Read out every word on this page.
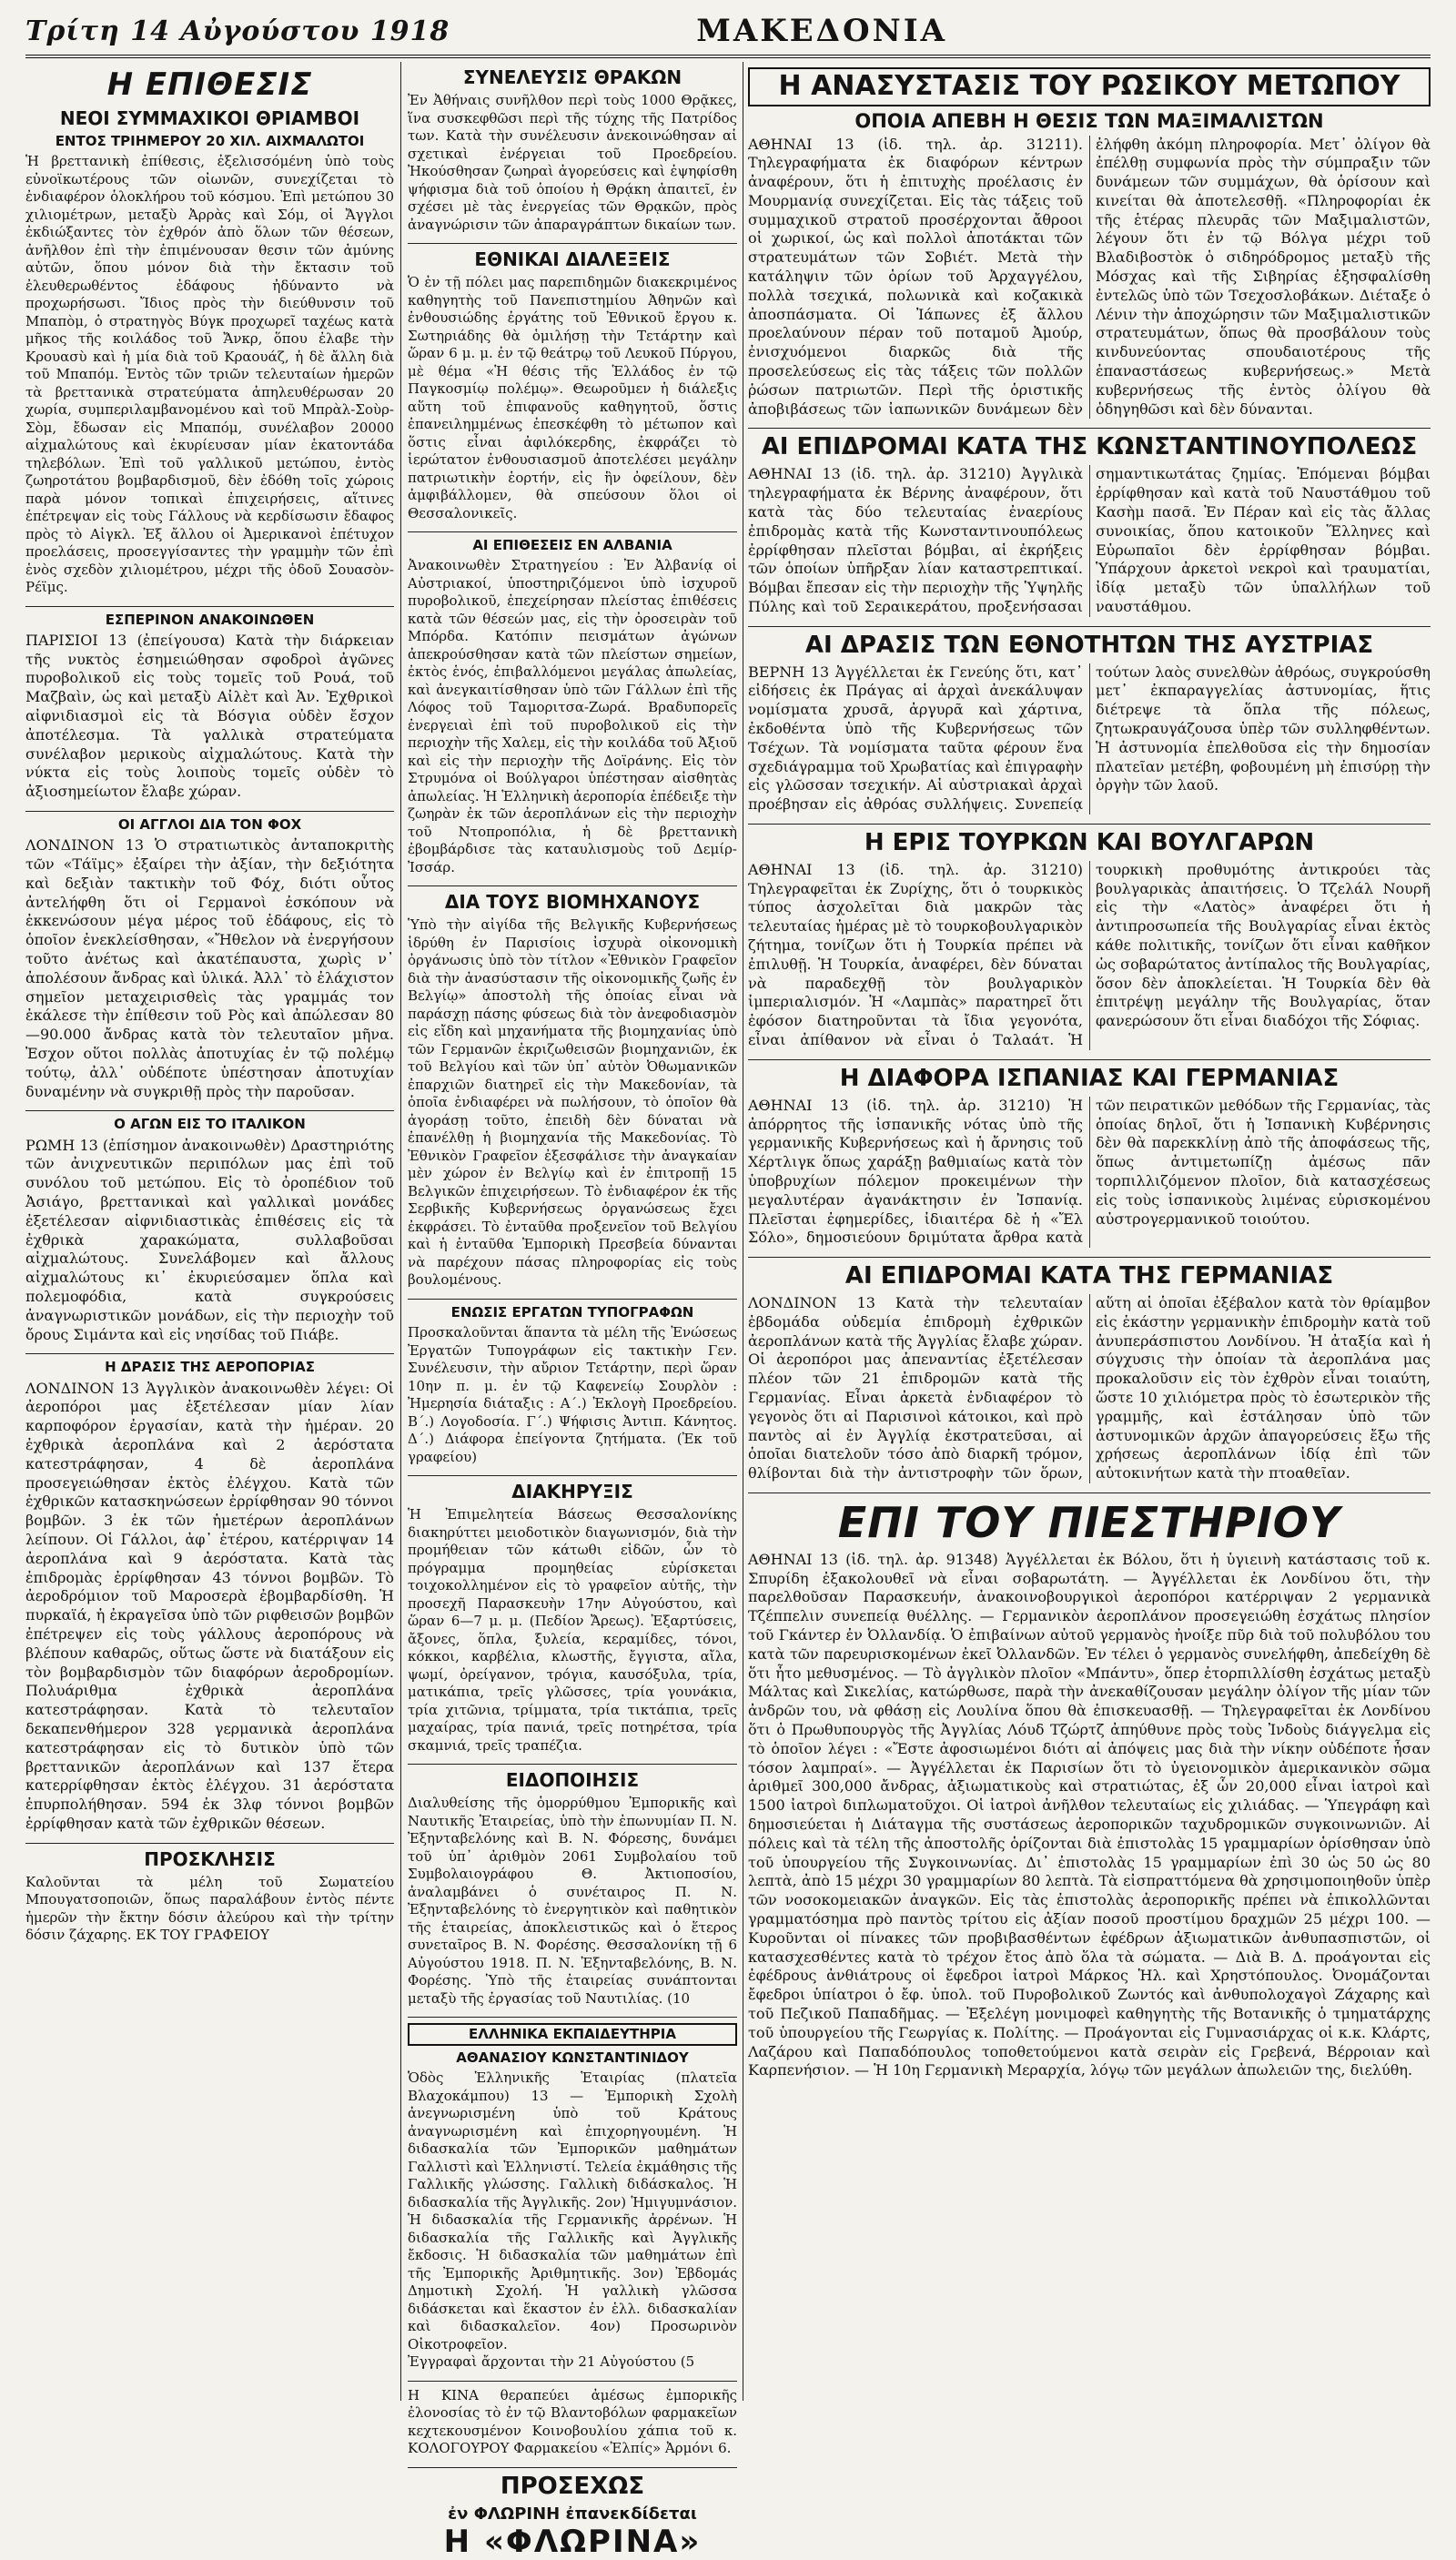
Τρίτη 14 Αὐγούστου 1918	ΜΑΚΕΔΟΝΙΑ
Η ΕΠΙΘΕΣΙΣ
ΝΕΟΙ ΣΥΜΜΑΧΙΚΟΙ ΘΡΙΑΜΒΟΙ
ΕΝΤΟΣ ΤΡΙΗΜΕΡΟΥ 20 ΧΙΛ. ΑΙΧΜΑΛΩΤΟΙ

Ἡ βρεττανικὴ ἐπίθεσις, ἐξελισσόμένη ὑπὸ τοὺς εὐνοϊκωτέρους τῶν οἰωνῶν, συνεχίζεται τὸ ἐνδιαφέρον ὁλοκλήρου τοῦ κόσμου. Ἐπὶ μετώπου 30 χιλιομέτρων, μεταξὺ Ἀρρὰς καὶ Σόμ, οἱ Ἄγγλοι ἐκδιώξαντες τὸν ἐχθρόν ἀπὸ ὅλων τῶν θέσεων, ἀνῆλθον ἐπὶ τὴν ἐπιμένουσαν θεσιν τῶν ἀμύνης αὐτῶν, ὅπου μόνον διὰ τὴν ἔκτασιν τοῦ ἐλευθερωθέντος ἐδάφους ἠδύναντο νὰ προχωρήσωσι. Ἴδιος πρὸς τὴν διεύθυνσιν τοῦ Μπαπὸμ, ὁ στρατηγὸς Βύγκ προχωρεῖ ταχέως κατὰ μῆκος τῆς κοιλάδος τοῦ Ἄνκρ, ὅπου ἐλαβε τὴν Κρουασὺ καὶ ἡ μία διὰ τοῦ Κραουάζ, ἡ δὲ ἄλλη διὰ τοῦ Μπαπόμ. Ἐντὸς τῶν τριῶν τελευταίων ἡμερῶν τὰ βρεττανικὰ στρατεύματα ἀπηλευθέρωσαν 20 χωρία, συμπεριλαμβανομένου καὶ τοῦ Μπρὰλ-Σοὺρ-Σὸμ, ἔδωσαν εἰς Μπαπόμ, συνέλαβον 20000 αἰχμαλώτους καὶ ἐκυρίευσαν μίαν ἑκατοντάδα τηλεβόλων. Ἐπὶ τοῦ γαλλικοῦ μετώπου, ἐντὸς ζωηροτάτου βομβαρδισμοῦ, δὲν ἐδόθη τοῖς χώροις παρὰ μόνον τοπικαὶ ἐπιχειρήσεις, αἵτινες ἐπέτρεψαν εἰς τοὺς Γάλλους νὰ κερδίσωσιν ἔδαφος πρὸς τὸ Αἰγκλ. Ἐξ ἄλλου οἱ Ἀμερικανοὶ ἐπέτυχον προελάσεις, προσεγγίσαντες τὴν γραμμὴν τῶν ἐπὶ ἑνὸς σχεδὸν χιλιομέτρου, μέχρι τῆς ὁδοῦ Σουασὸν-Ρέϊμς.

ΕΣΠΕΡΙΝΟΝ ΑΝΑΚΟΙΝΩΘΕΝ

ΠΑΡΙΣΙΟΙ 13 (ἐπείγουσα) Κατὰ τὴν διάρκειαν τῆς νυκτὸς ἐσημειώθησαν σφοδροὶ ἀγῶνες πυροβολικοῦ εἰς τοὺς τομεῖς τοῦ Ρουά, τοῦ Μαζβαὶν, ὡς καὶ μεταξὺ Αἰλὲτ καὶ Ἀν. Ἐχθρικοὶ αἰφνιδιασμοὶ εἰς τὰ Βόσγια οὐδὲν ἔσχον ἀποτέλεσμα. Τὰ γαλλικὰ στρατεύματα συνέλαβον μερικοὺς αἰχμαλώτους. Κατὰ τὴν νύκτα εἰς τοὺς λοιποὺς τομεῖς οὐδὲν τὸ ἀξιοσημείωτον ἔλαβε χώραν.

ΟΙ ΑΓΓΛΟΙ ΔΙΑ ΤΟΝ ΦΟΧ

ΛΟΝΔΙΝΟΝ 13 Ὁ στρατιωτικὸς ἀνταποκριτὴς τῶν «Τάϊμς» ἐξαίρει τὴν ἀξίαν, τὴν δεξιότητα καὶ δεξιὰν τακτικὴν τοῦ Φόχ, διότι οὗτος ἀντελήφθη ὅτι οἱ Γερμανοὶ ἐσκόπουν νὰ ἐκκενώσουν μέγα μέρος τοῦ ἐδάφους, εἰς τὸ ὁποῖον ἐνεκλείσθησαν, «Ἤθελον νὰ ἐνεργήσουν τοῦτο ἀνέτως καὶ ἀκατέπαυστα, χωρὶς ν᾽ ἀπολέσουν ἄνδρας καὶ ὑλικά. Ἀλλ᾽ τὸ ἐλάχιστον σημεῖον μεταχειρισθεὶς τὰς γραμμάς τον ἐκάλεσε τὴν ἐπίθεσιν τοῦ Ρὸς καὶ ἀπώλεσαν 80—90.000 ἄνδρας κατὰ τὸν τελευταῖον μῆνα. Ἐσχον οὕτοι πολλὰς ἀποτυχίας ἐν τῷ πολέμῳ τούτῳ, ἀλλ᾽ οὐδέποτε ὑπέστησαν ἀποτυχίαν δυναμένην νὰ συγκριθῇ πρὸς τὴν παροῦσαν.

Ο ΑΓΩΝ ΕΙΣ ΤΟ ΙΤΑΛΙΚΟΝ

ΡΩΜΗ 13 (ἐπίσημον ἀνακοινωθὲν) Δραστηριότης τῶν ἀνιχνευτικῶν περιπόλων μας ἐπὶ τοῦ συνόλου τοῦ μετώπου. Εἰς τὸ ὀροπέδιον τοῦ Ἀσιάγο, βρεττανικαὶ καὶ γαλλικαὶ μονάδες ἐξετέλεσαν αἰφνιδιαστικὰς ἐπιθέσεις εἰς τὰ ἐχθρικὰ χαρακώματα, συλλαβοῦσαι αἰχμαλώτους. Συνελάβομεν καὶ ἄλλους αἰχμαλώτους κι᾽ ἐκυριεύσαμεν ὅπλα καὶ πολεμοφόδια, κατὰ συγκρούσεις ἀναγνωριστικῶν μονάδων, εἰς τὴν περιοχὴν τοῦ ὄρους Σιμάντα καὶ εἰς νησίδας τοῦ Πιάβε.

Η ΔΡΑΣΙΣ ΤΗΣ ΑΕΡΟΠΟΡΙΑΣ

ΛΟΝΔΙΝΟΝ 13 Ἀγγλικὸν ἀνακοινωθὲν λέγει: Οἱ ἀεροπόροι μας ἐξετέλεσαν μίαν λίαν καρποφόρον ἐργασίαν, κατὰ τὴν ἡμέραν. 20 ἐχθρικὰ ἀεροπλάνα καὶ 2 ἀερόστατα κατεστράφησαν, 4 δὲ ἀεροπλάνα προσεγειώθησαν ἐκτὸς ἐλέγχου. Κατὰ τῶν ἐχθρικῶν κατασκηνώσεων ἐρρίφθησαν 90 τόννοι βομβῶν. 3 ἐκ τῶν ἡμετέρων ἀεροπλάνων λείπουν. Οἱ Γάλλοι, ἀφ᾽ ἑτέρου, κατέρριψαν 14 ἀεροπλάνα καὶ 9 ἀερόστατα. Κατὰ τὰς ἐπιδρομὰς ἐρρίφθησαν 43 τόννοι βομβῶν. Τὸ ἀεροδρόμιον τοῦ Μαροσερὰ ἐβομβαρδίσθη. Ἡ πυρκαϊά, ἡ ἐκραγεῖσα ὑπὸ τῶν ριφθεισῶν βομβῶν ἐπέτρεψεν εἰς τοὺς γάλλους ἀεροπόρους νὰ βλέπουν καθαρῶς, οὕτως ὥστε νὰ διατάξουν εἰς τὸν βομβαρδισμὸν τῶν διαφόρων ἀεροδρομίων. Πολυάριθμα ἐχθρικὰ ἀεροπλάνα κατεστράφησαν. Κατὰ τὸ τελευταῖον δεκαπενθήμερον 328 γερμανικὰ ἀεροπλάνα κατεστράφησαν εἰς τὸ δυτικὸν ὑπὸ τῶν βρεττανικῶν ἀεροπλάνων καὶ 137 ἕτερα κατερρίφθησαν ἐκτὸς ἐλέγχου. 31 ἀερόστατα ἐπυρπολήθησαν. 594 ἐκ 3λφ τόννοι βομβῶν ἐρρίφθησαν κατὰ τῶν ἐχθρικῶν θέσεων.

ΠΡΟΣΚΛΗΣΙΣ

Καλοῦνται τὰ μέλη τοῦ Σωματείου Μπουγατσοποιῶν, ὅπως παραλάβουν ἐντὸς πέντε ἡμερῶν τὴν ἔκτην δόσιν ἀλεύρου καὶ τὴν τρίτην δόσιν ζάχαρης. ΕΚ ΤΟΥ ΓΡΑΦΕΙΟΥ

ΣΥΝΕΛΕΥΣΙΣ ΘΡΑΚΩΝ

Ἐν Ἀθήναις συνῆλθον περὶ τοὺς 1000 Θρᾷκες, ἵνα συσκεφθῶσι περὶ τῆς τύχης τῆς Πατρίδος των. Κατὰ τὴν συνέλευσιν ἀνεκοινώθησαν αἱ σχετικαὶ ἐνέργειαι τοῦ Προεδρείου. Ἠκούσθησαν ζωηραὶ ἀγορεύσεις καὶ ἐψηφίσθη ψήφισμα διὰ τοῦ ὁποίου ἡ Θρᾴκη ἀπαιτεῖ, ἐν σχέσει μὲ τὰς ἐνεργείας τῶν Θρᾳκῶν, πρὸς ἀναγνώρισιν τῶν ἀπαραγράπτων δικαίων των.

ΕΘΝΙΚΑΙ ΔΙΑΛΕΞΕΙΣ

Ὁ ἐν τῇ πόλει μας παρεπιδημῶν διακεκριμένος καθηγητὴς τοῦ Πανεπιστημίου Ἀθηνῶν καὶ ἐνθουσιώδης ἐργάτης τοῦ Ἐθνικοῦ ἔργου κ. Σωτηριάδης θὰ ὁμιλήσῃ τὴν Τετάρτην καὶ ὥραν 6 μ. μ. ἐν τῷ θεάτρῳ τοῦ Λευκοῦ Πύργου, μὲ θέμα «Ἡ θέσις τῆς Ἑλλάδος ἐν τῷ Παγκοσμίῳ πολέμῳ». Θεωροῦμεν ἡ διάλεξις αὕτη τοῦ ἐπιφανοῦς καθηγητοῦ, ὅστις ἐπανειλημμένως ἐπεσκέφθη τὸ μέτωπον καὶ ὅστις εἶναι ἀφιλόκερδης, ἐκφράζει τὸ ἱερώτατον ἐνθουσιασμοῦ ἀποτελέσει μεγάλην πατριωτικὴν ἑορτήν, εἰς ἣν ὀφείλουν, δὲν ἀμφιβάλλομεν, θὰ σπεύσουν ὅλοι οἱ Θεσσαλονικεῖς.

ΑΙ ΕΠΙΘΕΣΕΙΣ ΕΝ ΑΛΒΑΝΙΑ

Ἀνακοινωθὲν Στρατηγείου : Ἐν Ἀλβανίᾳ οἱ Αὐστριακοί, ὑποστηριζόμενοι ὑπὸ ἰσχυροῦ πυροβολικοῦ, ἐπεχείρησαν πλείστας ἐπιθέσεις κατὰ τῶν θέσεών μας, εἰς τὴν ὀροσειρὰν τοῦ Μπόρδα. Κατόπιν πεισμάτων ἀγώνων ἀπεκρούσθησαν κατὰ τῶν πλείστων σημείων, ἐκτὸς ἑνός, ἐπιβαλλόμενοι μεγάλας ἀπωλείας, καὶ ἀνεγκαιτίσθησαν ὑπὸ τῶν Γάλλων ἐπὶ τῆς Λόφος τοῦ Ταμοριτσα-Ζωρά. Βραδυπορεῖς ἐνεργειαὶ ἐπὶ τοῦ πυροβολικοῦ εἰς τὴν περιοχὴν τῆς Χαλεμ, εἰς τὴν κοιλάδα τοῦ Ἀξιοῦ καὶ εἰς τὴν περιοχὴν τῆς Δοϊράνης. Εἰς τὸν Στρυμόνα οἱ Βούλγαροι ὑπέστησαν αἰσθητὰς ἀπωλείας. Ἡ Ἑλληνικὴ ἀεροπορία ἐπέδειξε τὴν ζωηρὰν ἐκ τῶν ἀεροπλάνων εἰς τὴν περιοχὴν τοῦ Ντοπροπόλια, ἡ δὲ βρεττανικὴ ἐβομβάρδισε τὰς καταυλισμοὺς τοῦ Δεμίρ-Ἰσσάρ.

ΔΙΑ ΤΟΥΣ ΒΙΟΜΗΧΑΝΟΥΣ

Ὑπὸ τὴν αἰγίδα τῆς Βελγικῆς Κυβερνήσεως ἱδρύθη ἐν Παρισίοις ἰσχυρὰ οἰκονομικὴ ὀργάνωσις ὑπὸ τὸν τίτλον «Ἐθνικὸν Γραφεῖον διὰ τὴν ἀνασύστασιν τῆς οἰκονομικῆς ζωῆς ἐν Βελγίῳ» ἀποστολὴ τῆς ὁποίας εἶναι νὰ παράσχῃ πάσης φύσεως διὰ τὸν ἀνεφοδιασμὸν εἰς εἴδη καὶ μηχανήματα τῆς βιομηχανίας ὑπὸ τῶν Γερμανῶν ἐκριζωθεισῶν βιομηχανιῶν, ἐκ τοῦ Βελγίου καὶ τῶν ὑπ᾽ αὐτὸν Ὀθωμανικῶν ἐπαρχιῶν διατηρεῖ εἰς τὴν Μακεδονίαν, τὰ ὁποῖα ἐνδιαφέρει νὰ πωλήσουν, τὸ ὁποῖον θὰ ἀγοράσῃ τοῦτο, ἐπειδὴ δὲν δύναται νὰ ἐπανέλθῃ ἡ βιομηχανία τῆς Μακεδονίας. Τὸ Ἐθνικὸν Γραφεῖον ἐξεσφάλισε τὴν ἀναγκαίαν μὲν χώρον ἐν Βελγίῳ καὶ ἐν ἐπιτροπῇ 15 Βελγικῶν ἐπιχειρήσεων. Τὸ ἐνδιαφέρον ἐκ τῆς Σερβικῆς Κυβερνήσεως ὀργανώσεως ἔχει ἐκφράσει. Τὸ ἐνταῦθα προξενεῖον τοῦ Βελγίου καὶ ἡ ἐνταῦθα Ἐμπορικὴ Πρεσβεία δύνανται νὰ παρέχουν πάσας πληροφορίας εἰς τοὺς βουλομένους.

ΕΝΩΣΙΣ ΕΡΓΑΤΩΝ ΤΥΠΟΓΡΑΦΩΝ

Προσκαλοῦνται ἅπαντα τὰ μέλη τῆς Ἐνώσεως Ἐργατῶν Τυπογράφων εἰς τακτικὴν Γεν. Συνέλευσιν, τὴν αὔριον Τετάρτην, περὶ ὥραν 10ην π. μ. ἐν τῷ Καφενείῳ Σουρλὸν : Ἠμερησία διάταξις : Α΄.) Ἐκλογὴ Προεδρείου. Β΄.) Λογοδοσία. Γ΄.) Ψήφισις Ἀντιπ. Κάνητος. Δ΄.) Διάφορα ἐπείγοντα ζητήματα. (Ἐκ τοῦ γραφείου)

ΔΙΑΚΗΡΥΞΙΣ

Ἡ Ἐπιμελητεία Βάσεως Θεσσαλονίκης διακηρύττει μειοδοτικὸν διαγωνισμόν, διὰ τὴν προμήθειαν τῶν κάτωθι εἰδῶν, ὧν τὸ πρόγραμμα προμηθείας εὑρίσκεται τοιχοκολλημένον εἰς τὸ γραφεῖον αὐτῆς, τὴν προσεχῆ Παρασκευὴν 17ην Αὐγούστου, καὶ ὥραν 6—7 μ. μ. (Πεδίον Ἄρεως). Ἐξαρτύσεις, ἄξονες, ὅπλα, ξυλεία, κεραμίδες, τόνοι, κόκκοι, καρβέλια, κλωστῆς, ἔγγιστα, αἴλα, ψωμί, ὀρείγανον, τρόγια, καυσόξυλα, τρία, ματικάπια, τρεῖς γλῶσσες, τρία γουνάκια, τρία χιτῶνια, τρίμματα, τρία τικτάπια, τρεῖς μαχαίρας, τρία πανιά, τρεῖς ποτηρέτσα, τρία σκαμνιά, τρεῖς τραπέζια.

ΕΙΔΟΠΟΙΗΣΙΣ

Διαλυθείσης τῆς ὁμορρύθμου Ἐμπορικῆς καὶ Ναυτικῆς Ἑταιρείας, ὑπὸ τὴν ἐπωνυμίαν Π. Ν. Ἐξηνταβελόνης καὶ Β. Ν. Φόρεσης, δυνάμει τοῦ ὑπ᾽ ἀριθμὸν 2061 Συμβολαίου τοῦ Συμβολαιογράφου Θ. Ἀκτιοποσίου, ἀναλαμβάνει ὁ συνέταιρος Π. Ν. Ἐξηνταβελόνης τὸ ἐνεργητικὸν καὶ παθητικὸν τῆς ἑταιρείας, ἀποκλειστικῶς καὶ ὁ ἕτερος συνεταῖρος Β. Ν. Φορέσης. Θεσσαλονίκη τῇ 6 Αὐγούστου 1918. Π. Ν. Ἐξηνταβελόνης, Β. Ν. Φορέσης. Ὑπὸ τῆς ἐταιρείας συνάπτονται μεταξὺ τῆς ἐργασίας τοῦ Ναυτιλίας. (10

ΕΛΛΗΝΙΚΑ ΕΚΠΑΙΔΕΥΤΗΡΙΑ
ΑΘΑΝΑΣΙΟΥ ΚΩΝΣΤΑΝΤΙΝΙΔΟΥ

Ὁδὸς Ἑλληνικῆς Ἑταιρίας (πλατεῖα Βλαχοκάμπου) 13 — Ἐμπορικὴ Σχολὴ ἀνεγνωρισμένη ὑπὸ τοῦ Κράτους ἀναγνωρισμένη καὶ ἐπιχορηγουμένη. Ἡ διδασκαλία τῶν Ἐμπορικῶν μαθημάτων Γαλλιστὶ καὶ Ἑλληνιστί. Τελεία ἐκμάθησις τῆς Γαλλικῆς γλώσσης. Γαλλικὴ διδάσκαλος. Ἡ διδασκαλία τῆς Ἀγγλικῆς. 2ον) Ἡμιγυμνάσιον. Ἡ διδασκαλία τῆς Γερμανικῆς ἀρρένων. Ἡ διδασκαλία τῆς Γαλλικῆς καὶ Ἀγγλικῆς ἔκδοσις. Ἡ διδασκαλία τῶν μαθημάτων ἐπὶ τῆς Ἐμπορικῆς Ἀριθμητικῆς. 3ον) Ἐβδομάς Δημοτικὴ Σχολή. Ἡ γαλλικὴ γλῶσσα διδάσκεται καὶ ἕκαστον ἐν ἑλλ. διδασκαλίαν καὶ διδασκαλεῖον. 4ον) Προσωρινὸν Οἰκοτροφεῖον.

Ἐγγραφαὶ ἄρχονται τὴν 21 Αὐγούστου (5

Η ΚΙΝΑ θεραπεύει ἀμέσως ἐμπορικῆς ἐλονοσίας τὸ ἐν τῷ Βλαντοβόλων φαρμακεῖων κεχτεκουσμένον Κοινοβουλίου χάπια τοῦ κ. ΚΟΛΟΓΟΥΡΟΥ Φαρμακείου «Ἐλπίς» Ἀρμόνι 6.

ΠΡΟΣΕΧΩΣ
ἐν ΦΛΩΡΙΝΗ ἐπανεκδίδεται
Η «ΦΛΩΡΙΝΑ»
Η ΑΝΑΣΥΣΤΑΣΙΣ ΤΟΥ ΡΩΣΙΚΟΥ ΜΕΤΩΠΟΥ
ΟΠΟΙΑ ΑΠΕΒΗ Η ΘΕΣΙΣ ΤΩΝ ΜΑΞΙΜΑΛΙΣΤΩΝ

ΑΘΗΝΑΙ 13 (ἰδ. τηλ. ἀρ. 31211). Τηλεγραφήματα ἐκ διαφόρων κέντρων ἀναφέρουν, ὅτι ἡ ἐπιτυχὴς προέλασις ἐν Μουρμανίᾳ συνεχίζεται. Εἰς τὰς τάξεις τοῦ συμμαχικοῦ στρατοῦ προσέρχονται ἄθροοι οἱ χωρικοί, ὡς καὶ πολλοὶ ἀποτάκται τῶν στρατευμάτων τῶν Σοβιέτ. Μετὰ τὴν κατάληψιν τῶν ὁρίων τοῦ Ἀρχαγγέλου, πολλὰ τσεχικά, πολωνικὰ καὶ κοζακικὰ ἀποσπάσματα. Οἱ Ἰάπωνες ἐξ ἄλλου προελαύνουν πέραν τοῦ ποταμοῦ Ἀμούρ, ἐνισχυόμενοι διαρκῶς διὰ τῆς προσελεύσεως εἰς τὰς τάξεις τῶν πολλῶν ῥώσων πατριωτῶν. Περὶ τῆς ὁριστικῆς ἀποβιβάσεως τῶν ἰαπωνικῶν δυνάμεων δὲν ἐλήφθη ἀκόμη πληροφορία. Μετ᾽ ὀλίγον θὰ ἐπέλθῃ συμφωνία πρὸς τὴν σύμπραξιν τῶν δυνάμεων τῶν συμμάχων, θὰ ὁρίσουν καὶ κινείται θὰ ἀποτελεσθῇ. «Πληροφορίαι ἐκ τῆς ἑτέρας πλευρᾶς τῶν Μαξιμαλιστῶν, λέγουν ὅτι ἐν τῷ Βόλγα μέχρι τοῦ Βλαδιβοστὸκ ὁ σιδηρόδρομος μεταξὺ τῆς Μόσχας καὶ τῆς Σιβηρίας ἐξησφαλίσθη ἐντελῶς ὑπὸ τῶν Τσεχοσλοβάκων. Διέταξε ὁ Λένιν τὴν ἀποχώρησιν τῶν Μαξιμαλιστικῶν στρατευμάτων, ὅπως θὰ προσβάλουν τοὺς κινδυνεύοντας σπουδαιοτέρους τῆς ἐπαναστάσεως κυβερνήσεως.» Μετὰ κυβερνήσεως τῆς ἐντὸς ὀλίγου θὰ ὁδηγηθῶσι καὶ δὲν δύνανται.

ΑΙ ΕΠΙΔΡΟΜΑΙ ΚΑΤΑ ΤΗΣ ΚΩΝΣΤΑΝΤΙΝΟΥΠΟΛΕΩΣ

ΑΘΗΝΑΙ 13 (ἰδ. τηλ. ἀρ. 31210) Ἀγγλικὰ τηλεγραφήματα ἐκ Βέρνης ἀναφέρουν, ὅτι κατὰ τὰς δύο τελευταίας ἐναερίους ἐπιδρομὰς κατὰ τῆς Κωνσταντινουπόλεως ἐρρίφθησαν πλεῖσται βόμβαι, αἱ ἐκρήξεις τῶν ὁποίων ὑπῆρξαν λίαν καταστρεπτικαί. Βόμβαι ἔπεσαν εἰς τὴν περιοχὴν τῆς Ὑψηλῆς Πύλης καὶ τοῦ Σεραικεράτου, προξενήσασαι σημαντικωτάτας ζημίας. Ἑπόμεναι βόμβαι ἐρρίφθησαν καὶ κατὰ τοῦ Ναυστάθμου τοῦ Κασὴμ πασᾶ. Ἐν Πέραν καὶ εἰς τὰς ἄλλας συνοικίας, ὅπου κατοικοῦν Ἕλληνες καὶ Εὐρωπαῖοι δὲν ἐρρίφθησαν βόμβαι. Ὑπάρχουν ἀρκετοὶ νεκροὶ καὶ τραυματίαι, ἰδίᾳ μεταξὺ τῶν ὑπαλλήλων τοῦ ναυστάθμου.

ΑΙ ΔΡΑΣΙΣ ΤΩΝ ΕΘΝΟΤΗΤΩΝ ΤΗΣ ΑΥΣΤΡΙΑΣ

ΒΕΡΝΗ 13 Ἀγγέλλεται ἐκ Γενεύης ὅτι, κατ᾽ εἰδήσεις ἐκ Πράγας αἱ ἀρχαὶ ἀνεκάλυψαν νομίσματα χρυσᾶ, ἀργυρᾶ καὶ χάρτινα, ἐκδοθέντα ὑπὸ τῆς Κυβερνήσεως τῶν Τσέχων. Τὰ νομίσματα ταῦτα φέρουν ἕνα σχεδιάγραμμα τοῦ Χρωβατίας καὶ ἐπιγραφὴν εἰς γλῶσσαν τσεχικήν. Αἱ αὐστριακαὶ ἀρχαὶ προέβησαν εἰς ἀθρόας συλλήψεις. Συνεπείᾳ τούτων λαὸς συνελθὼν ἀθρόως, συγκρούσθη μετ᾽ ἐκπαραγγελίας ἀστυνομίας, ἥτις διέτρεψε τὰ ὅπλα τῆς πόλεως, ζητωκραυγάζουσα ὑπὲρ τῶν συλληφθέντων. Ἡ ἀστυνομία ἐπελθοῦσα εἰς τὴν δημοσίαν πλατεῖαν μετέβη, φοβουμένη μὴ ἐπισύρῃ τὴν ὀργὴν τῶν λαοῦ.

Η ΕΡΙΣ ΤΟΥΡΚΩΝ ΚΑΙ ΒΟΥΛΓΑΡΩΝ

ΑΘΗΝΑΙ 13 (ἰδ. τηλ. ἀρ. 31210) Τηλεγραφεῖται ἐκ Ζυρίχης, ὅτι ὁ τουρκικὸς τύπος ἀσχολεῖται διὰ μακρῶν τὰς τελευταίας ἡμέρας μὲ τὸ τουρκοβουλγαρικὸν ζήτημα, τονίζων ὅτι ἡ Τουρκία πρέπει νὰ ἐπιλυθῇ. Ἡ Τουρκία, ἀναφέρει, δὲν δύναται νὰ παραδεχθῇ τὸν βουλγαρικὸν ἰμπεριαλισμόν. Ἡ «Λαμπὰς» παρατηρεῖ ὅτι ἐφόσον διατηροῦνται τὰ ἴδια γεγονότα, εἶναι ἀπίθανον νὰ εἶναι ὁ Ταλαάτ. Ἡ τουρκικὴ προθυμότης ἀντικρούει τὰς βουλγαρικὰς ἀπαιτήσεις. Ὁ Τζελάλ Νουρῆ εἰς τὴν «Λατὸς» ἀναφέρει ὅτι ἡ ἀντιπροσωπεία τῆς Βουλγαρίας εἶναι ἐκτὸς κάθε πολιτικῆς, τονίζων ὅτι εἶναι καθῆκον ὡς σοβαρώτατος ἀντίπαλος τῆς Βουλγαρίας, ὅσον δὲν ἀποκλείεται. Ἡ Τουρκία δὲν θὰ ἐπιτρέψῃ μεγάλην τῆς Βουλγαρίας, ὅταν φανερώσουν ὅτι εἶναι διαδόχοι τῆς Σόφιας.

Η ΔΙΑΦΟΡΑ ΙΣΠΑΝΙΑΣ ΚΑΙ ΓΕΡΜΑΝΙΑΣ

ΑΘΗΝΑΙ 13 (ἰδ. τηλ. ἀρ. 31210) Ἡ ἀπόρρητος τῆς ἰσπανικῆς νότας ὑπὸ τῆς γερμανικῆς Κυβερνήσεως καὶ ἡ ἄρνησις τοῦ Χέρτλιγκ ὅπως χαράξῃ βαθμιαίως κατὰ τὸν ὑποβρυχίων πόλεμον προκειμένων τὴν μεγαλυτέραν ἀγανάκτησιν ἐν Ἰσπανίᾳ. Πλεῖσται ἐφημερίδες, ἰδιαιτέρα δὲ ἡ «Ἔλ Σόλο», δημοσιεύουν δριμύτατα ἄρθρα κατὰ τῶν πειρατικῶν μεθόδων τῆς Γερμανίας, τὰς ὁποίας δηλοῖ, ὅτι ἡ Ἰσπανικὴ Κυβέρνησις δὲν θὰ παρεκκλίνῃ ἀπὸ τῆς ἀποφάσεως τῆς, ὅπως ἀντιμετωπίζῃ ἀμέσως πᾶν τορπιλλιζόμενον πλοῖον, διὰ κατασχέσεως εἰς τοὺς ἰσπανικοὺς λιμένας εὑρισκομένου αὐστρογερμανικοῦ τοιούτου.

ΑΙ ΕΠΙΔΡΟΜΑΙ ΚΑΤΑ ΤΗΣ ΓΕΡΜΑΝΙΑΣ

ΛΟΝΔΙΝΟΝ 13 Κατὰ τὴν τελευταίαν ἑβδομάδα οὐδεμία ἐπιδρομὴ ἐχθρικῶν ἀεροπλάνων κατὰ τῆς Ἀγγλίας ἔλαβε χώραν. Οἱ ἀεροπόροι μας ἀπεναντίας ἐξετέλεσαν πλέον τῶν 21 ἐπιδρομῶν κατὰ τῆς Γερμανίας. Εἶναι ἀρκετὰ ἐνδιαφέρον τὸ γεγονὸς ὅτι αἱ Παρισινοὶ κάτοικοι, καὶ πρὸ παντὸς αἱ ἐν Ἀγγλίᾳ ἐκστρατεῦσαι, αἱ ὁποῖαι διατελοῦν τόσο ἀπὸ διαρκῆ τρόμον, θλίβονται διὰ τὴν ἀντιστροφὴν τῶν ὅρων, αὕτη αἱ ὁποῖαι ἐξέβαλον κατὰ τὸν θρίαμβον εἰς ἑκάστην γερμανικὴν ἐπιδρομὴν κατὰ τοῦ ἀνυπεράσπιστου Λονδίνου. Ἡ ἀταξία καὶ ἡ σύγχυσις τὴν ὁποίαν τὰ ἀεροπλάνα μας προκαλοῦσιν εἰς τὸν ἐχθρὸν εἶναι τοιαύτη, ὥστε 10 χιλιόμετρα πρὸς τὸ ἐσωτερικὸν τῆς γραμμῆς, καὶ ἐστάλησαν ὑπὸ τῶν ἀστυνομικῶν ἀρχῶν ἀπαγορεύσεις ἔξω τῆς χρήσεως ἀεροπλάνων ἰδίᾳ ἐπὶ τῶν αὐτοκινήτων κατὰ τὴν πτοαθεῖαν.

ΕΠΙ ΤΟΥ ΠΙΕΣΤΗΡΙΟΥ

ΑΘΗΝΑΙ 13 (ἰδ. τηλ. ἀρ. 91348) Ἀγγέλλεται ἐκ Βόλου, ὅτι ἡ ὑγιεινὴ κατάστασις τοῦ κ. Σπυρίδη ἐξακολουθεῖ νὰ εἶναι σοβαρωτάτη. — Ἀγγέλλεται ἐκ Λονδίνου ὅτι, τὴν παρελθοῦσαν Παρασκευήν, ἀνακοινοβουργικοὶ ἀεροπόροι κατέρριψαν 2 γερμανικὰ Τζέππελιν συνεπείᾳ θυέλλης. — Γερμανικὸν ἀεροπλάνον προσεγειώθη ἐσχάτως πλησίον τοῦ Γκάντερ ἐν Ὀλλανδίᾳ. Ὁ ἐπιβαίνων αὐτοῦ γερμανὸς ἠνοίξε πῦρ διὰ τοῦ πολυβόλου του κατὰ τῶν παρευρισκομένων ἐκεῖ Ὀλλανδῶν. Ἐν τέλει ὁ γερμανὸς συνελήφθη, ἀπεδείχθη δὲ ὅτι ἦτο μεθυσμένος. — Τὸ ἀγγλικὸν πλοῖον «Μπάντυ», ὅπερ ἐτορπιλλίσθη ἐσχάτως μεταξὺ Μάλτας καὶ Σικελίας, κατώρθωσε, παρὰ τὴν ἀνεκαθίζουσαν μεγάλην ὀλίγον τῆς μίαν τῶν ἀνδρῶν του, νὰ φθάσῃ εἰς Λουλίνα ὅπου θὰ ἐπισκευασθῇ. — Τηλεγραφεῖται ἐκ Λονδίνου ὅτι ὁ Πρωθυπουργὸς τῆς Ἀγγλίας Λόυδ Τζώρτζ ἀπηύθυνε πρὸς τοὺς Ἰνδοὺς διάγγελμα εἰς τὸ ὁποῖον λέγει : «Ἔστε ἀφοσιωμένοι διότι αἱ ἀπόψεις μας διὰ τὴν νίκην οὐδέποτε ἦσαν τόσον λαμπραί». — Ἀγγέλλεται ἐκ Παρισίων ὅτι τὸ ὑγειονομικὸν ἀμερικανικὸν σῶμα ἀριθμεῖ 300,000 ἄνδρας, ἀξιωματικοὺς καὶ στρατιώτας, ἐξ ὧν 20,000 εἶναι ἰατροὶ καὶ 1500 ἰατροὶ διπλωματοῦχοι. Οἱ ἰατροὶ ἀνῆλθον τελευταίως εἰς χιλιάδας. — Ὑπεγράφη καὶ δημοσιεύεται ἡ Διάταγμα τῆς συστάσεως ἀεροπορικῶν ταχυδρομικῶν συγκοινωνιῶν. Αἱ πόλεις καὶ τὰ τέλη τῆς ἀποστολῆς ὁρίζονται διὰ ἐπιστολὰς 15 γραμμαρίων ὁρίσθησαν ὑπὸ τοῦ ὑπουργείου τῆς Συγκοινωνίας. Δι᾽ ἐπιστολὰς 15 γραμμαρίων ἐπὶ 30 ὡς 50 ὡς 80 λεπτὰ, ἀπὸ 15 μέχρι 30 γραμμαρίων 80 λεπτὰ. Τὰ εἰσπραττόμενα θὰ χρησιμοποιηθοῦν ὑπὲρ τῶν νοσοκομειακῶν ἀναγκῶν. Εἰς τὰς ἐπιστολὰς ἀεροπορικῆς πρέπει νὰ ἐπικολλῶνται γραμματόσημα πρὸ παντὸς τρίτου εἰς ἀξίαν ποσοῦ προστίμου δραχμῶν 25 μέχρι 100. — Κυροῦνται οἱ πίνακες τῶν προβιβασθέντων ἐφέδρων ἀξιωματικῶν ἀνθυπασπιστῶν, οἱ κατασχεσθέντες κατὰ τὸ τρέχον ἔτος ἀπὸ ὅλα τὰ σώματα. — Διὰ Β. Δ. προάγονται εἰς ἐφέδρους ἀνθιάτρους οἱ ἔφεδροι ἰατροὶ Μάρκος Ἡλ. καὶ Χρηστόπουλος. Ὀνομάζονται ἔφεδροι ὑπίατροι ὁ ἔφ. ὑπολ. τοῦ Πυροβολικοῦ Ζωντός καὶ ἀνθυπολοχαγοὶ Ζάχαρης καὶ τοῦ Πεζικοῦ Παπαδῆμας. — Ἐξελέγη μονιμοφεὶ καθηγητὴς τῆς Βοτανικῆς ὁ τμηματάρχης τοῦ ὑπουργείου τῆς Γεωργίας κ. Πολίτης. — Προάγονται εἰς Γυμνασιάρχας οἱ κ.κ. Κλάρτς, Λαζάρου καὶ Παπαδόπουλος τοποθετούμενοι κατὰ σειρὰν εἰς Γρεβενά, Βέρροιαν καὶ Καρπενήσιον. — Ἡ 10η Γερμανικὴ Μεραρχία, λόγῳ τῶν μεγάλων ἀπωλειῶν της, διελύθη.
